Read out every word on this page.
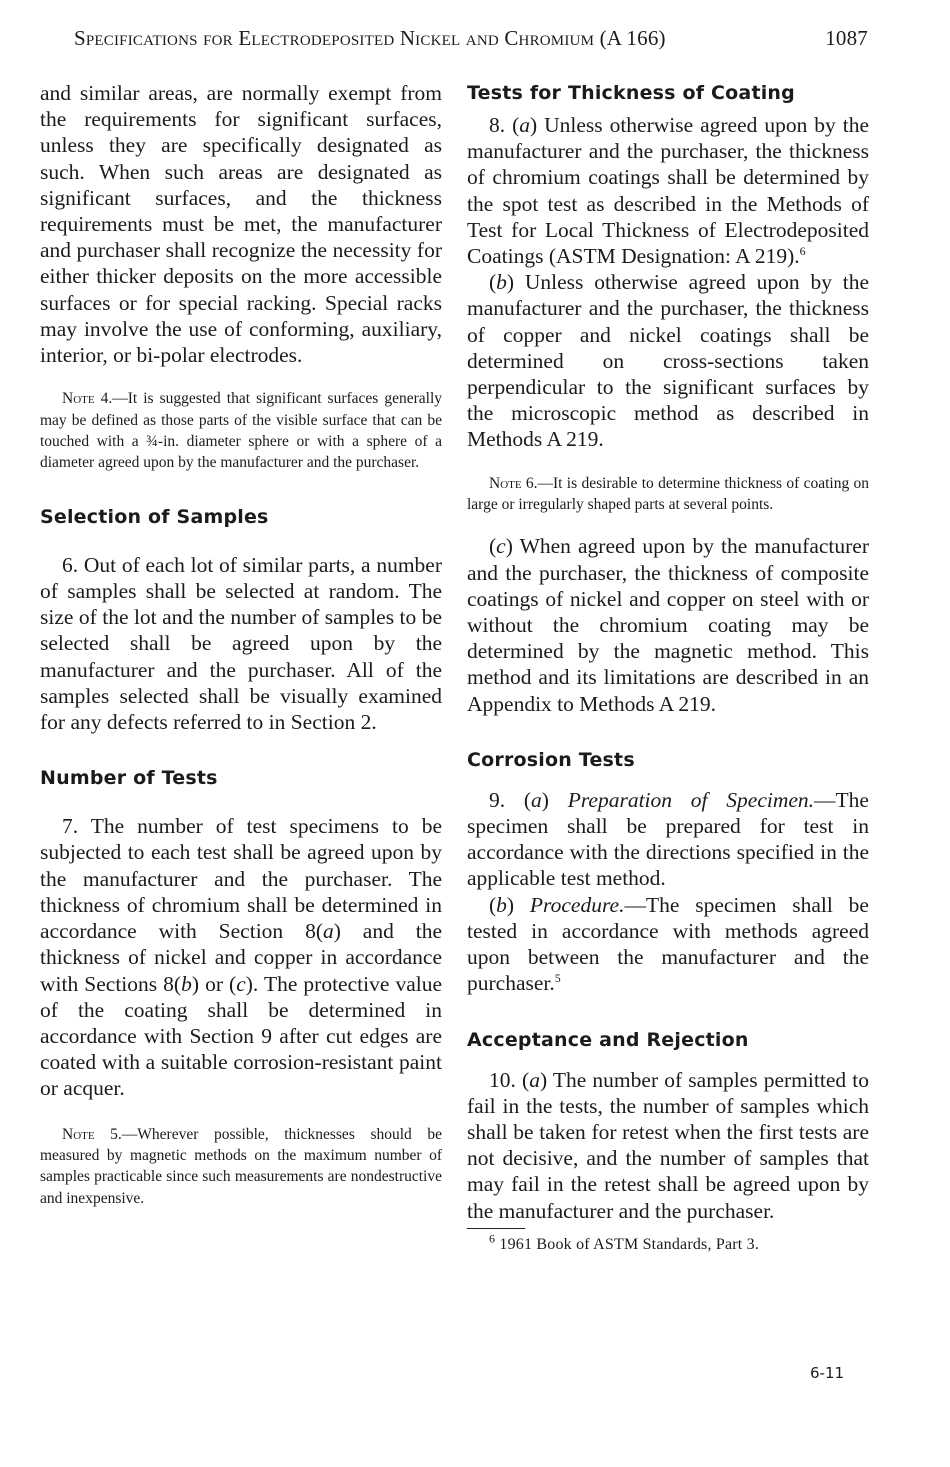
Specifications for Electrodeposited Nickel and Chromium (A 166)	1087

and similar areas, are normally exempt from the requirements for significant surfaces, unless they are specifically designated as such. When such areas are designated as significant surfaces, and the thickness requirements must be met, the manufacturer and purchaser shall recognize the necessity for either thicker deposits on the more accessible surfaces or for special racking. Special racks may involve the use of conforming, auxiliary, interior, or bi-polar electrodes.

Note 4.—It is suggested that significant surfaces generally may be defined as those parts of the visible surface that can be touched with a ¾-in. diameter sphere or with a sphere of a diameter agreed upon by the manufacturer and the purchaser.

Selection of Samples

6. Out of each lot of similar parts, a number of samples shall be selected at random. The size of the lot and the number of samples to be selected shall be agreed upon by the manufacturer and the purchaser. All of the samples selected shall be visually examined for any defects referred to in Section 2.

Number of Tests

7. The number of test specimens to be subjected to each test shall be agreed upon by the manufacturer and the purchaser. The thickness of chromium shall be determined in accordance with Section 8(a) and the thickness of nickel and copper in accordance with Sections 8(b) or (c). The protective value of the coating shall be determined in accordance with Section 9 after cut edges are coated with a suitable corrosion-resistant paint or acquer.

Note 5.—Wherever possible, thicknesses should be measured by magnetic methods on the maximum number of samples practicable since such measurements are nondestructive and inexpensive.

Tests for Thickness of Coating

8. (a) Unless otherwise agreed upon by the manufacturer and the purchaser, the thickness of chromium coatings shall be determined by the spot test as described in the Methods of Test for Local Thickness of Electrodeposited Coatings (ASTM Designation: A 219).$^6$

(b) Unless otherwise agreed upon by the manufacturer and the purchaser, the thickness of copper and nickel coatings shall be determined on cross-sections taken perpendicular to the significant surfaces by the microscopic method as described in Methods A 219.

Note 6.—It is desirable to determine thickness of coating on large or irregularly shaped parts at several points.

(c) When agreed upon by the manufacturer and the purchaser, the thickness of composite coatings of nickel and copper on steel with or without the chromium coating may be determined by the magnetic method. This method and its limitations are described in an Appendix to Methods A 219.

Corrosion Tests

9. (a) Preparation of Specimen.—The specimen shall be prepared for test in accordance with the directions specified in the applicable test method.

(b) Procedure.—The specimen shall be tested in accordance with methods agreed upon between the manufacturer and the purchaser.$^5$

Acceptance and Rejection

10. (a) The number of samples permitted to fail in the tests, the number of samples which shall be taken for retest when the first tests are not decisive, and the number of samples that may fail in the retest shall be agreed upon by the manufacturer and the purchaser.

$^6$ 1961 Book of ASTM Standards, Part 3.
6-11
